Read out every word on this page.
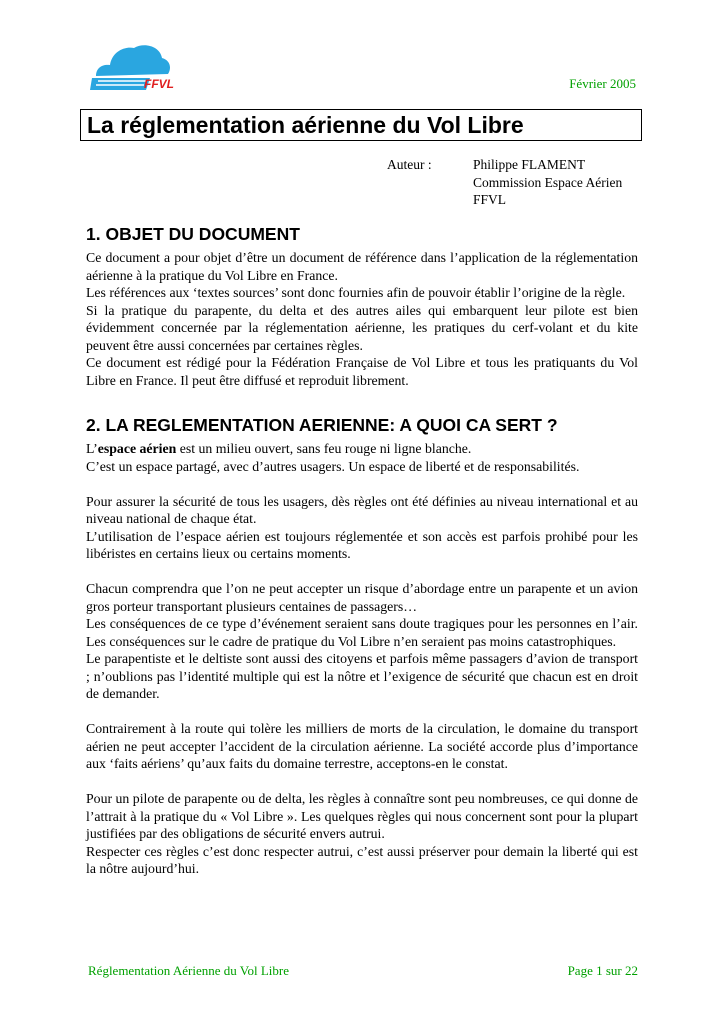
FFVL	Février 2005
La réglementation aérienne du Vol Libre
Auteur :	Philippe FLAMENT
Commission Espace Aérien
FFVL
1. OBJET DU DOCUMENT

Ce document a pour objet d’être un document de référence dans l’application de la réglementation aérienne à la pratique du Vol Libre en France.

Les références aux ‘textes sources’ sont donc fournies afin de pouvoir établir l’origine de la règle.

Si la pratique du parapente, du delta et des autres ailes qui embarquent leur pilote est bien évidemment concernée par la réglementation aérienne, les pratiques du cerf-volant et du kite peuvent être aussi concernées par certaines règles.

Ce document est rédigé pour la Fédération Française de Vol Libre et tous les pratiquants du Vol Libre en France. Il peut être diffusé et reproduit librement.

2. LA REGLEMENTATION AERIENNE: A QUOI CA SERT ?

L’espace aérien est un milieu ouvert, sans feu rouge ni ligne blanche.

C’est un espace partagé, avec d’autres usagers. Un espace de liberté et de responsabilités.

Pour assurer la sécurité de tous les usagers, dès règles ont été définies au niveau international et au niveau national de chaque état.

L’utilisation de l’espace aérien est toujours réglementée et son accès est parfois prohibé pour les libéristes en certains lieux ou certains moments.

Chacun comprendra que l’on ne peut accepter un risque d’abordage entre un parapente et un avion gros porteur transportant plusieurs centaines de passagers…

Les conséquences de ce type d’événement seraient sans doute tragiques pour les personnes en l’air. Les conséquences sur le cadre de pratique du Vol Libre n’en seraient pas moins catastrophiques.

Le parapentiste et le deltiste sont aussi des citoyens et parfois même passagers d’avion de transport ; n’oublions pas l’identité multiple qui est la nôtre et l’exigence de sécurité que chacun est en droit de demander.

Contrairement à la route qui tolère les milliers de morts de la circulation, le domaine du transport aérien ne peut accepter l’accident de la circulation aérienne. La société accorde plus d’importance aux ‘faits aériens’ qu’aux faits du domaine terrestre, acceptons-en le constat.

Pour un pilote de parapente ou de delta, les règles à connaître sont peu nombreuses, ce qui donne de l’attrait à la pratique du « Vol Libre ». Les quelques règles qui nous concernent sont pour la plupart justifiées par des obligations de sécurité envers autrui.

Respecter ces règles c’est donc respecter autrui, c’est aussi préserver pour demain la liberté qui est la nôtre aujourd’hui.

Réglementation Aérienne du Vol Libre	Page 1 sur 22
